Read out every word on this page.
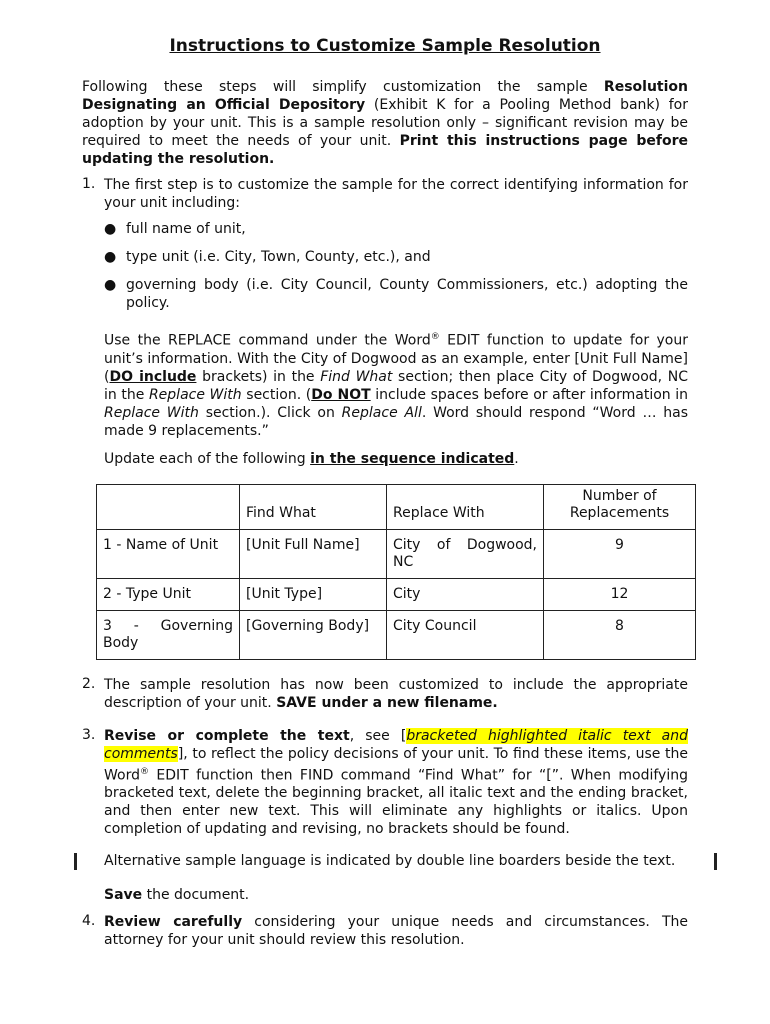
Instructions to Customize Sample Resolution

Following these steps will simplify customization the sample Resolution Designating an Official Depository (Exhibit K for a Pooling Method bank) for adoption by your unit. This is a sample resolution only – significant revision may be required to meet the needs of your unit. Print this instructions page before updating the resolution.

1. The first step is to customize the sample for the correct identifying information for your unit including:

● full name of unit,
● type unit (i.e. City, Town, County, etc.), and
● governing body (i.e. City Council, County Commissioners, etc.) adopting the policy.

Use the REPLACE command under the Word® EDIT function to update for your unit’s information. With the City of Dogwood as an example, enter [Unit Full Name] (DO include brackets) in the Find What section; then place City of Dogwood, NC in the Replace With section. (Do NOT include spaces before or after information in Replace With section.). Click on Replace All. Word should respond “Word … has made 9 replacements.”

Update each of the following in the sequence indicated.

	Find What	Replace With	Number of Replacements
1 - Name of Unit	[Unit Full Name]	City of Dogwood, NC	9
2 - Type Unit	[Unit Type]	City	12
3 - Governing Body	[Governing Body]	City Council	8
2. The sample resolution has now been customized to include the appropriate description of your unit. SAVE under a new filename.

3. Revise or complete the text, see [bracketed highlighted italic text and comments], to reflect the policy decisions of your unit. To find these items, use the Word® EDIT function then FIND command “Find What” for “[”. When modifying bracketed text, delete the beginning bracket, all italic text and the ending bracket, and then enter new text. This will eliminate any highlights or italics. Upon completion of updating and revising, no brackets should be found.

Alternative sample language is indicated by double line boarders beside the text.

Save the document.

4. Review carefully considering your unique needs and circumstances. The attorney for your unit should review this resolution.
